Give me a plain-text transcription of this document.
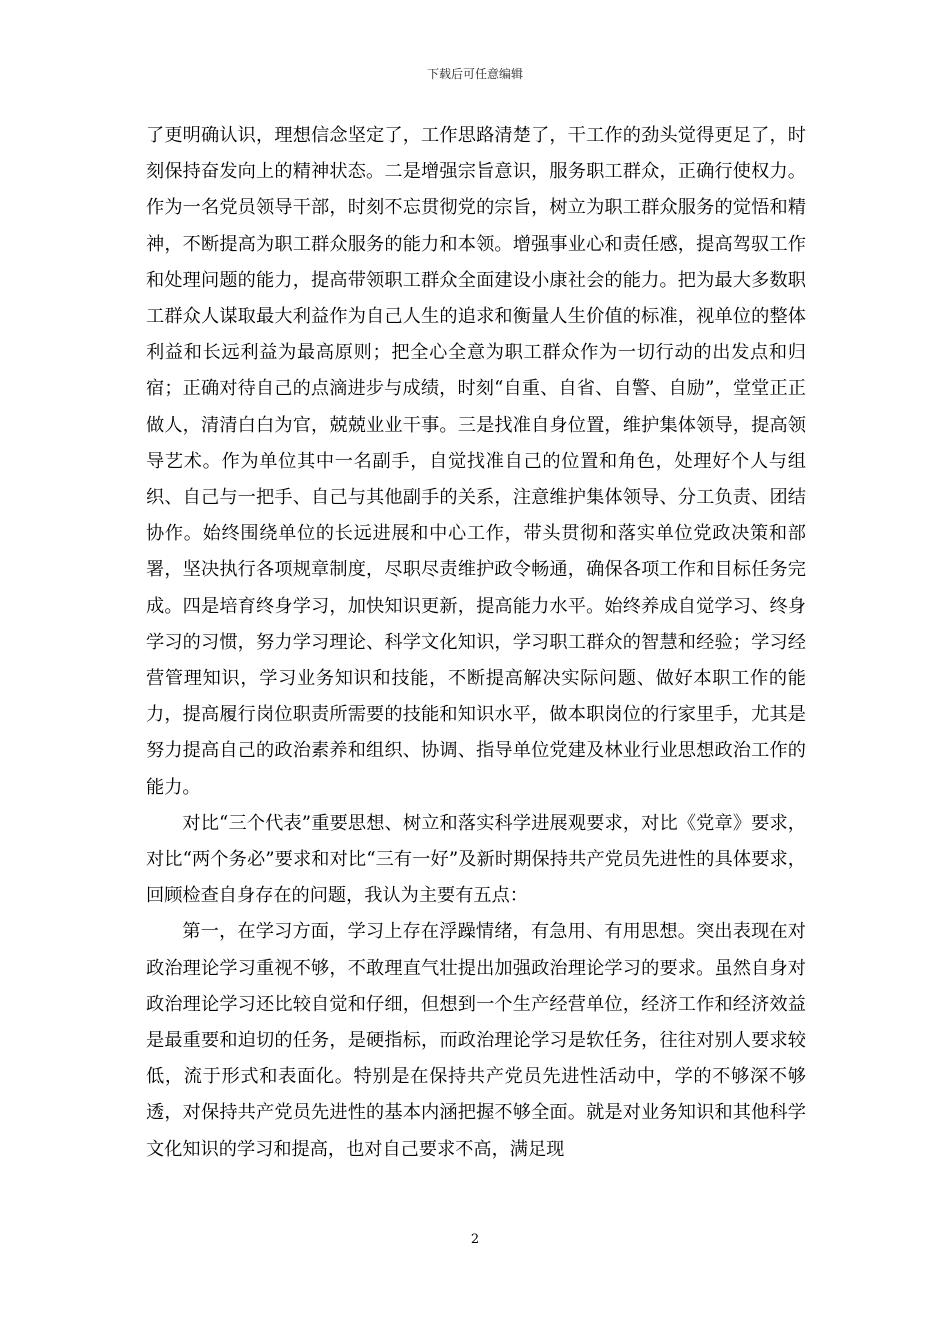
下载后可任意编辑

了更明确认识，理想信念坚定了，工作思路清楚了，干工作的劲头觉得更足了，时刻保持奋发向上的精神状态。二是增强宗旨意识，服务职工群众，正确行使权力。作为一名党员领导干部，时刻不忘贯彻党的宗旨，树立为职工群众服务的觉悟和精神，不断提高为职工群众服务的能力和本领。增强事业心和责任感，提高驾驭工作和处理问题的能力，提高带领职工群众全面建设小康社会的能力。把为最大多数职工群众人谋取最大利益作为自己人生的追求和衡量人生价值的标准，视单位的整体利益和长远利益为最高原则；把全心全意为职工群众作为一切行动的出发点和归宿；正确对待自己的点滴进步与成绩，时刻“自重、自省、自警、自励”，堂堂正正做人，清清白白为官，兢兢业业干事。三是找准自身位置，维护集体领导，提高领导艺术。作为单位其中一名副手，自觉找准自己的位置和角色，处理好个人与组织、自己与一把手、自己与其他副手的关系，注意维护集体领导、分工负责、团结协作。始终围绕单位的长远进展和中心工作，带头贯彻和落实单位党政决策和部署，坚决执行各项规章制度，尽职尽责维护政令畅通，确保各项工作和目标任务完成。四是培育终身学习，加快知识更新，提高能力水平。始终养成自觉学习、终身学习的习惯，努力学习理论、科学文化知识，学习职工群众的智慧和经验；学习经营管理知识，学习业务知识和技能，不断提高解决实际问题、做好本职工作的能力，提高履行岗位职责所需要的技能和知识水平，做本职岗位的行家里手，尤其是努力提高自己的政治素养和组织、协调、指导单位党建及林业行业思想政治工作的能力。

对比“三个代表”重要思想、树立和落实科学进展观要求，对比《党章》要求，对比“两个务必”要求和对比“三有一好”及新时期保持共产党员先进性的具体要求，回顾检查自身存在的问题，我认为主要有五点：

第一，在学习方面，学习上存在浮躁情绪，有急用、有用思想。突出表现在对政治理论学习重视不够，不敢理直气壮提出加强政治理论学习的要求。虽然自身对政治理论学习还比较自觉和仔细，但想到一个生产经营单位，经济工作和经济效益是最重要和迫切的任务，是硬指标，而政治理论学习是软任务，往往对别人要求较低，流于形式和表面化。特别是在保持共产党员先进性活动中，学的不够深不够透，对保持共产党员先进性的基本内涵把握不够全面。就是对业务知识和其他科学文化知识的学习和提高，也对自己要求不高，满足现

2
